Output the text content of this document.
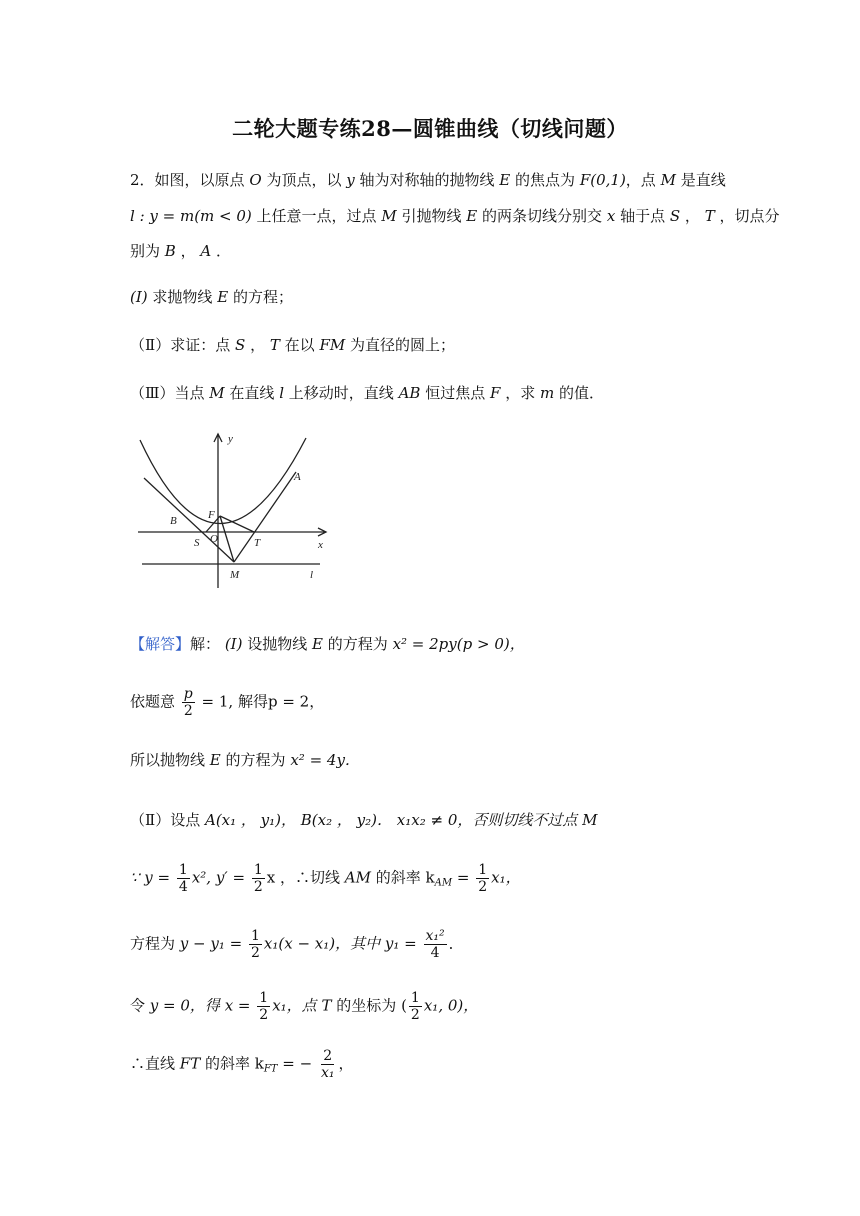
二轮大题专练28—圆锥曲线（切线问题）
2．如图，以原点 O 为顶点，以 y 轴为对称轴的抛物线 E 的焦点为 F(0,1)，点 M 是直线
l : y = m(m < 0) 上任意一点，过点 M 引抛物线 E 的两条切线分别交 x 轴于点 S ， T ，切点分
别为 B ， A ．
(I) 求抛物线 E 的方程；
（Ⅱ）求证：点 S ， T 在以 FM 为直径的圆上；
（Ⅲ）当点 M 在直线 l 上移动时，直线 AB 恒过焦点 F ，求 m 的值．
y
x
A
B	F
O
S	T
M	l
【解答】解： (I) 设抛物线 E 的方程为 x² = 2py(p > 0)，
依题意 $\frac{p}{2} = 1$, 解得p = 2，
所以抛物线 E 的方程为 x² = 4y．
（Ⅱ）设点 A(x₁ ， y₁)， B(x₂ ， y₂)． x₁x₂ ≠ 0，否则切线不过点 M
∵ $y = \frac{1}{4} x^2$, $y' = \frac{1}{2}$ x ，∴切线 AM 的斜率 $k_{AM} = \frac{1}{2} x_1$，
方程为 $y - y_1 = \frac{1}{2} x_1(x - x_1)$，其中 $y_1 = \frac{\text{x₁²}}{4}$ ．
令 y = 0，得 $x = \frac{1}{2} x_1$，点 T 的坐标为 ( $\frac{1}{2} x_1$, 0)，
∴直线 FT 的斜率 $k_{FT}$ = − $\frac{2}{\text{x₁}}$ ，
